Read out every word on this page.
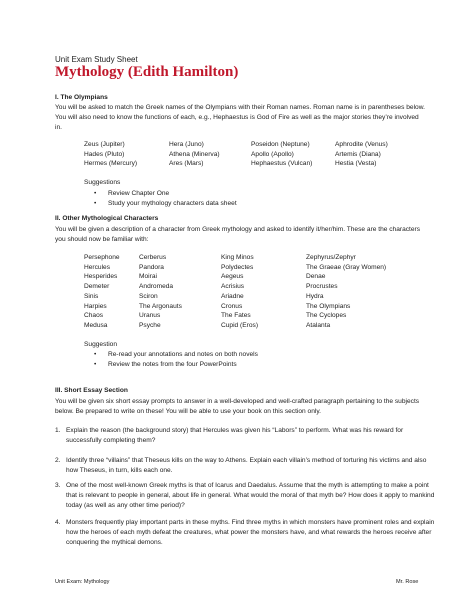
Unit Exam Study Sheet
Mythology (Edith Hamilton)
I. The Olympians
You will be asked to match the Greek names of the Olympians with their Roman names. Roman name is in parentheses below. You will also need to know the functions of each, e.g., Hephaestus is God of Fire as well as the major stories they’re involved in.
Zeus (Jupiter)
Hades (Pluto)
Hermes (Mercury)
Hera (Juno)
Athena (Minerva)
Ares (Mars)
Poseidon (Neptune)
Apollo (Apollo)
Hephaestus (Vulcan)
Aphrodite (Venus)
Artemis (Diana)
Hestia (Vesta)
Suggestions
• Review Chapter One
• Study your mythology characters data sheet
II. Other Mythological Characters
You will be given a description of a character from Greek mythology and asked to identify it/her/him. These are the characters you should now be familiar with:
Persephone
Hercules
Hesperides
Demeter
Sinis
Harpies
Chaos
Medusa
Cerberus
Pandora
Moirai
Andromeda
Sciron
The Argonauts
Uranus
Psyche
King Minos
Polydectes
Aegeus
Acrisius
Ariadne
Cronus
The Fates
Cupid (Eros)
Zephyrus/Zephyr
The Graeae (Gray Women)
Denae
Procrustes
Hydra
The Olympians
The Cyclopes
Atalanta
Suggestion
• Re-read your annotations and notes on both novels
• Review the notes from the four PowerPoints
III. Short Essay Section
You will be given six short essay prompts to answer in a well-developed and well-crafted paragraph pertaining to the subjects below. Be prepared to write on these! You will be able to use your book on this section only.
1. Explain the reason (the background story) that Hercules was given his “Labors” to perform. What was his reward for successfully completing them?
2. Identify three “villains” that Theseus kills on the way to Athens. Explain each villain’s method of torturing his victims and also how Theseus, in turn, kills each one.
3. One of the most well-known Greek myths is that of Icarus and Daedalus. Assume that the myth is attempting to make a point that is relevant to people in general, about life in general. What would the moral of that myth be? How does it apply to mankind today (as well as any other time period)?
4. Monsters frequently play important parts in these myths. Find three myths in which monsters have prominent roles and explain how the heroes of each myth defeat the creatures, what power the monsters have, and what rewards the heroes receive after conquering the mythical demons.
Unit Exam: Mythology	Mr. Rose
